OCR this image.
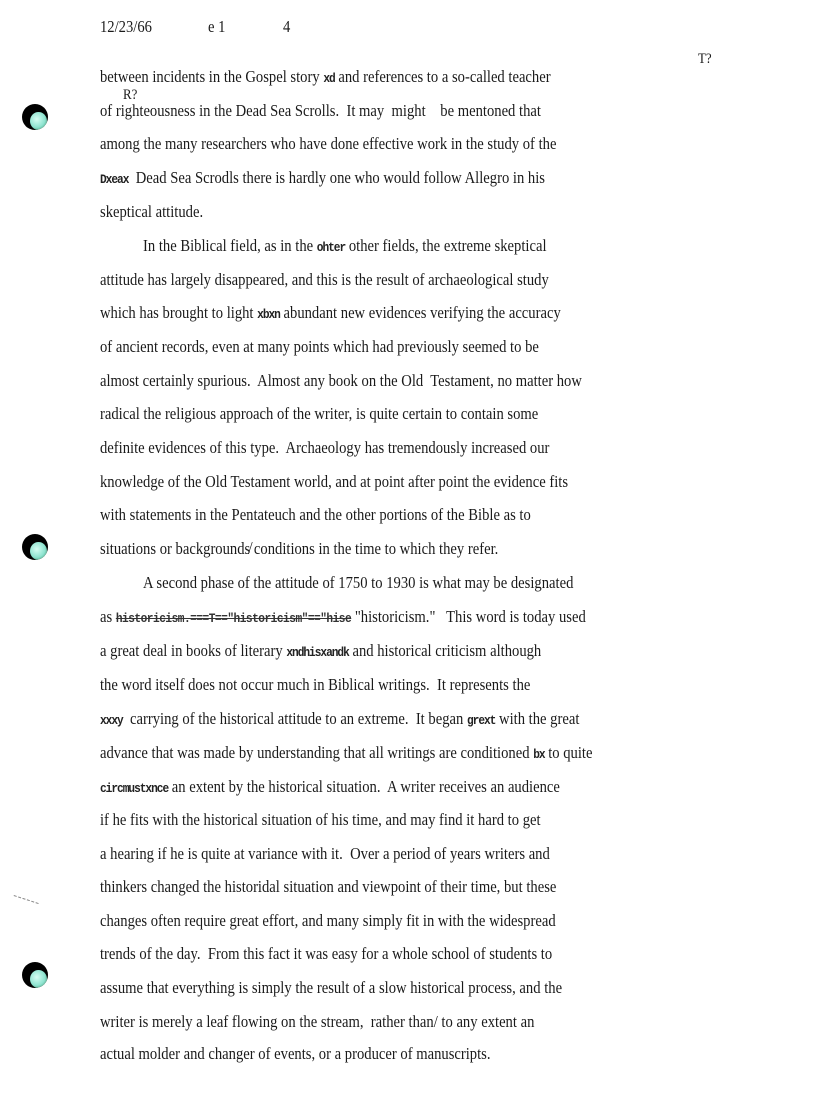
12/23/66	e 1	4
T?
R?
between incidents in the Gospel story xd and references to a so-called teacher
of righteousness in the Dead Sea Scrolls.  It may  might    be mentoned that
among the many researchers who have done effective work in the study of the
Dxeax  Dead Sea Scrodls there is hardly one who would follow Allegro in his
skeptical attitude.
In the Biblical field, as in the ohter other fields, the extreme skeptical
attitude has largely disappeared, and this is the result of archaeological study
which has brought to light xbxn abundant new evidences verifying the accuracy
of ancient records, even at many points which had previously seemed to be
almost certainly spurious.  Almost any book on the Old  Testament, no matter how
radical the religious approach of the writer, is quite certain to contain some
definite evidences of this type.  Archaeology has tremendously increased our
knowledge of the Old Testament world, and at point after point the evidence fits
with statements in the Pentateuch and the other portions of the Bible as to
situations or backgrounds̸ conditions in the time to which they refer.
A second phase of the attitude of 1750 to 1930 is what may be designated
as historicism.===T=="historicism"=="hise "historicism."   This word is today used
a great deal in books of literary xndhisxandk and historical criticism although
the word itself does not occur much in Biblical writings.  It represents the
xxxy  carrying of the historical attitude to an extreme.  It began grext with the great
advance that was made by understanding that all writings are conditioned bx to quite
circmustxnce an extent by the historical situation.  A writer receives an audience
if he fits with the historical situation of his time, and may find it hard to get
a hearing if he is quite at variance with it.  Over a period of years writers and
thinkers changed the historidal situation and viewpoint of their time, but these
changes often require great effort, and many simply fit in with the widespread
trends of the day.  From this fact it was easy for a whole school of students to
assume that everything is simply the result of a slow historical process, and the
writer is merely a leaf flowing on the stream,  rather than/ to any extent an
actual molder and changer of events, or a producer of manuscripts.
